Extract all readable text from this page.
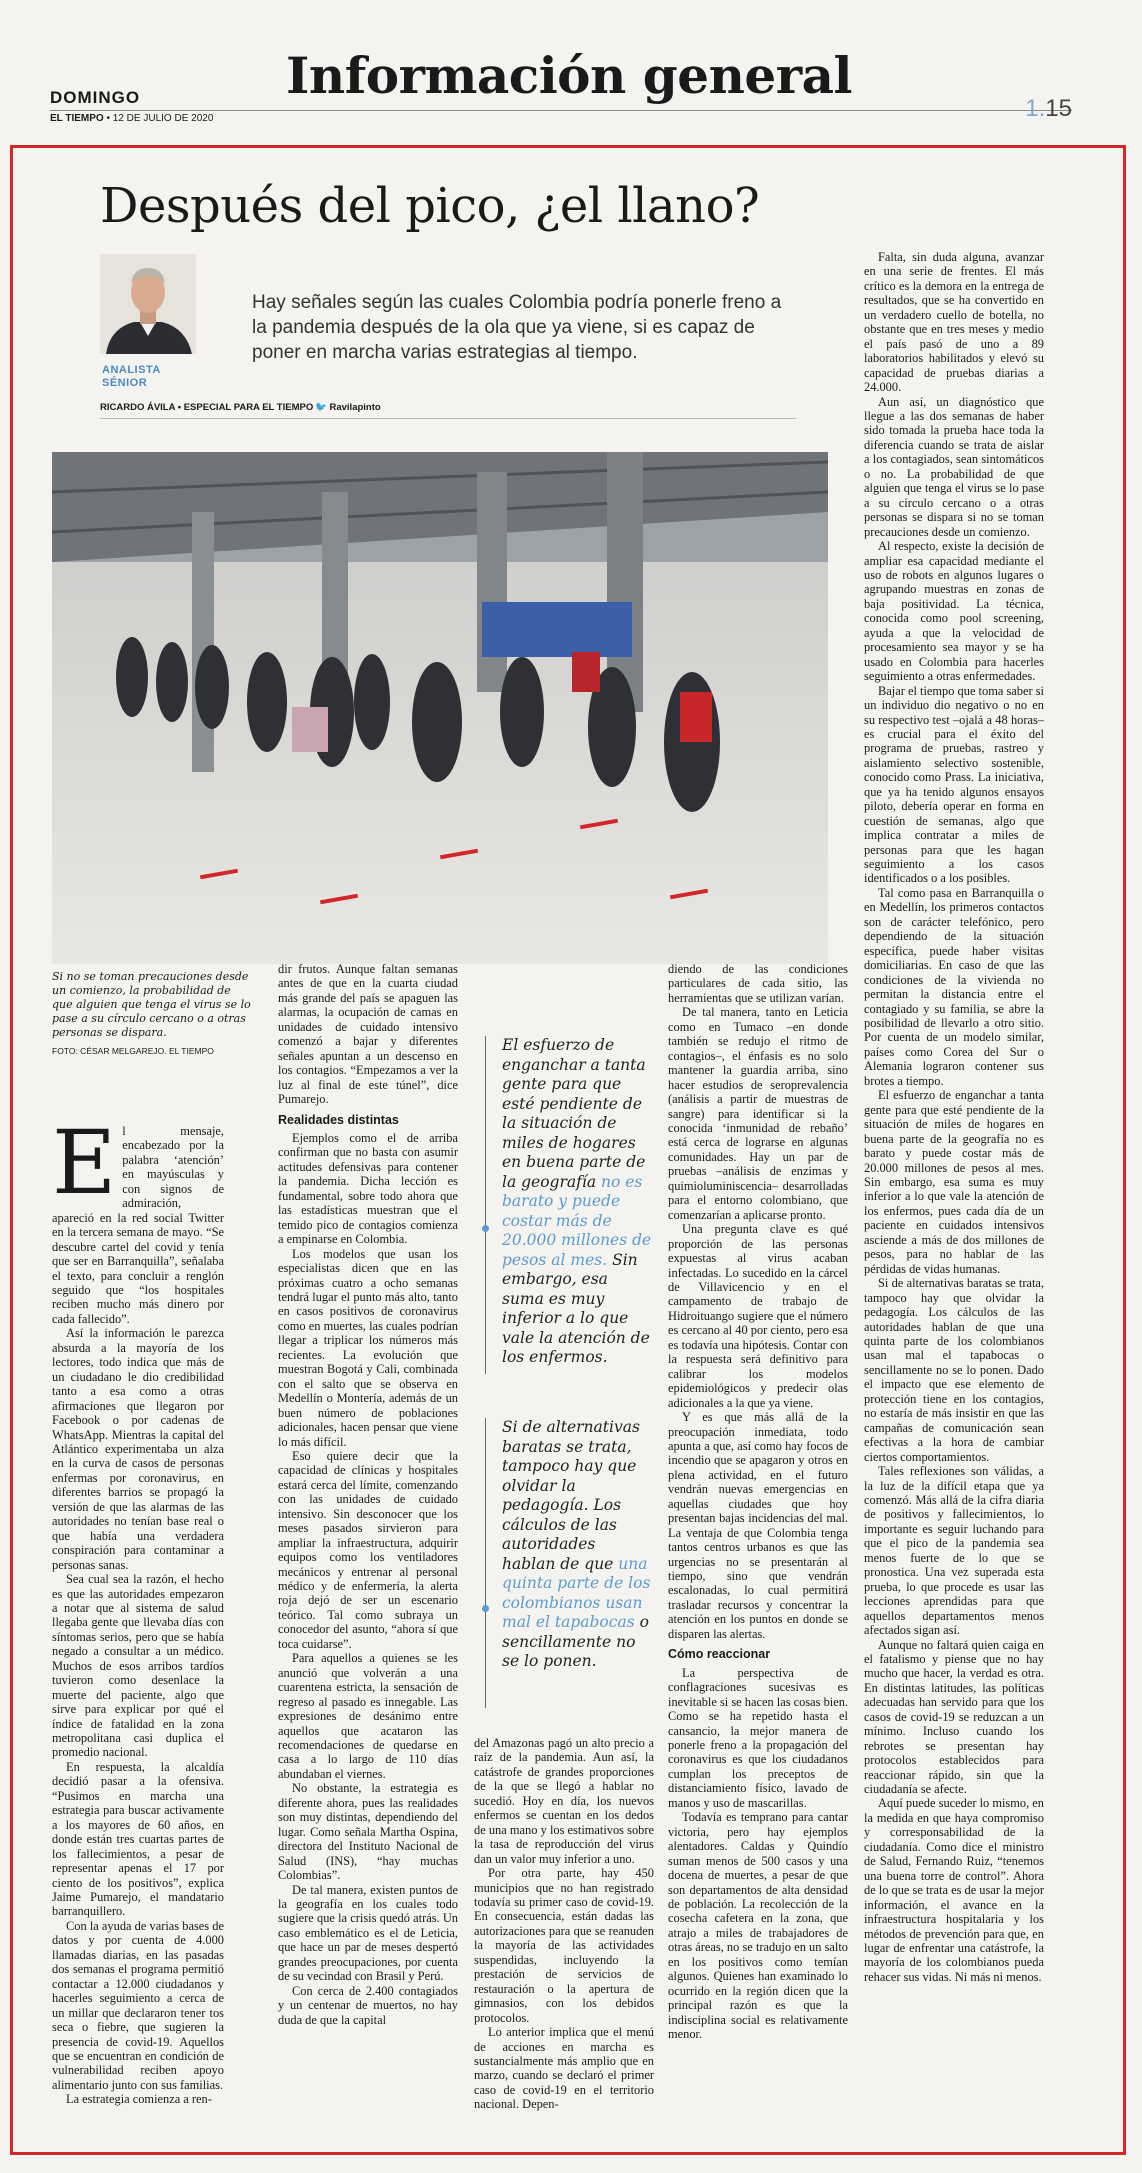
Información general
DOMINGO
EL TIEMPO • 12 DE JULIO DE 2020	1.15
Después del pico, ¿el llano?
ANALISTA SÉNIOR
Hay señales según las cuales Colombia podría ponerle freno a la pandemia después de la ola que ya viene, si es capaz de poner en marcha varias estrategias al tiempo.
RICARDO ÁVILA • ESPECIAL PARA EL TIEMPO 🐦 Ravilapinto
Si no se toman precauciones desde un comienzo, la probabilidad de que alguien que tenga el virus se lo pase a su círculo cercano o a otras personas se dispara.
FOTO: CÉSAR MELGAREJO. EL TIEMPO
E l mensaje, encabezado por la palabra ‘atención’ en mayúsculas y con signos de admiración, apareció en la red social Twitter en la tercera semana de mayo. “Se descubre cartel del covid y tenía que ser en Barranquilla”, señalaba el texto, para concluir a renglón seguido que “los hospitales reciben mucho más dinero por cada fallecido”.

Así la información le parezca absurda a la mayoría de los lectores, todo indica que más de un ciudadano le dio credibilidad tanto a esa como a otras afirmaciones que llegaron por Facebook o por cadenas de WhatsApp. Mientras la capital del Atlántico experimentaba un alza en la curva de casos de personas enfermas por coronavirus, en diferentes barrios se propagó la versión de que las alarmas de las autoridades no tenían base real o que había una verdadera conspiración para contaminar a personas sanas.

Sea cual sea la razón, el hecho es que las autoridades empezaron a notar que al sistema de salud llegaba gente que llevaba días con síntomas serios, pero que se había negado a consultar a un médico. Muchos de esos arribos tardíos tuvieron como desenlace la muerte del paciente, algo que sirve para explicar por qué el índice de fatalidad en la zona metropolitana casi duplica el promedio nacional.

En respuesta, la alcaldía decidió pasar a la ofensiva. “Pusimos en marcha una estrategia para buscar activamente a los mayores de 60 años, en donde están tres cuartas partes de los fallecimientos, a pesar de representar apenas el 17 por ciento de los positivos”, explica Jaime Pumarejo, el mandatario barranquillero.

Con la ayuda de varias bases de datos y por cuenta de 4.000 llamadas diarias, en las pasadas dos semanas el programa permitió contactar a 12.000 ciudadanos y hacerles seguimiento a cerca de un millar que declararon tener tos seca o fiebre, que sugieren la presencia de covid-19. Aquellos que se encuentran en condición de vulnerabilidad reciben apoyo alimentario junto con sus familias.

La estrategia comienza a ren-

dir frutos. Aunque faltan semanas antes de que en la cuarta ciudad más grande del país se apaguen las alarmas, la ocupación de camas en unidades de cuidado intensivo comenzó a bajar y diferentes señales apuntan a un descenso en los contagios. “Empezamos a ver la luz al final de este túnel”, dice Pumarejo.

Realidades distintas

Ejemplos como el de arriba confirman que no basta con asumir actitudes defensivas para contener la pandemia. Dicha lección es fundamental, sobre todo ahora que las estadísticas muestran que el temido pico de contagios comienza a empinarse en Colombia.

Los modelos que usan los especialistas dicen que en las próximas cuatro a ocho semanas tendrá lugar el punto más alto, tanto en casos positivos de coronavirus como en muertes, las cuales podrían llegar a triplicar los números más recientes. La evolución que muestran Bogotá y Cali, combinada con el salto que se observa en Medellín o Montería, además de un buen número de poblaciones adicionales, hacen pensar que viene lo más difícil.

Eso quiere decir que la capacidad de clínicas y hospitales estará cerca del límite, comenzando con las unidades de cuidado intensivo. Sin desconocer que los meses pasados sirvieron para ampliar la infraestructura, adquirir equipos como los ventiladores mecánicos y entrenar al personal médico y de enfermería, la alerta roja dejó de ser un escenario teórico. Tal como subraya un conocedor del asunto, “ahora sí que toca cuidarse”.

Para aquellos a quienes se les anunció que volverán a una cuarentena estricta, la sensación de regreso al pasado es innegable. Las expresiones de desánimo entre aquellos que acataron las recomendaciones de quedarse en casa a lo largo de 110 días abundaban el viernes.

No obstante, la estrategia es diferente ahora, pues las realidades son muy distintas, dependiendo del lugar. Como señala Martha Ospina, directora del Instituto Nacional de Salud (INS), “hay muchas Colombias”.

De tal manera, existen puntos de la geografía en los cuales todo sugiere que la crisis quedó atrás. Un caso emblemático es el de Leticia, que hace un par de meses despertó grandes preocupaciones, por cuenta de su vecindad con Brasil y Perú.

Con cerca de 2.400 contagiados y un centenar de muertos, no hay duda de que la capital

El esfuerzo de enganchar a tanta gente para que esté pendiente de la situación de miles de hogares en buena parte de la geografía no es barato y puede costar más de 20.000 millones de pesos al mes. Sin embargo, esa suma es muy inferior a lo que vale la atención de los enfermos.
Si de alternativas baratas se trata, tampoco hay que olvidar la pedagogía. Los cálculos de las autoridades hablan de que una quinta parte de los colombianos usan mal el tapabocas o sencillamente no se lo ponen.

del Amazonas pagó un alto precio a raíz de la pandemia. Aun así, la catástrofe de grandes proporciones de la que se llegó a hablar no sucedió. Hoy en día, los nuevos enfermos se cuentan en los dedos de una mano y los estimativos sobre la tasa de reproducción del virus dan un valor muy inferior a uno.

Por otra parte, hay 450 municipios que no han registrado todavía su primer caso de covid-19. En consecuencia, están dadas las autorizaciones para que se reanuden la mayoría de las actividades suspendidas, incluyendo la prestación de servicios de restauración o la apertura de gimnasios, con los debidos protocolos.

Lo anterior implica que el menú de acciones en marcha es sustancialmente más amplio que en marzo, cuando se declaró el primer caso de covid-19 en el territorio nacional. Depen-

diendo de las condiciones particulares de cada sitio, las herramientas que se utilizan varían.

De tal manera, tanto en Leticia como en Tumaco –en donde también se redujo el ritmo de contagios–, el énfasis es no solo mantener la guardia arriba, sino hacer estudios de seroprevalencia (análisis a partir de muestras de sangre) para identificar si la conocida ‘inmunidad de rebaño’ está cerca de lograrse en algunas comunidades. Hay un par de pruebas –análisis de enzimas y quimioluminiscencia– desarrolladas para el entorno colombiano, que comenzarían a aplicarse pronto.

Una pregunta clave es qué proporción de las personas expuestas al virus acaban infectadas. Lo sucedido en la cárcel de Villavicencio y en el campamento de trabajo de Hidroituango sugiere que el número es cercano al 40 por ciento, pero esa es todavía una hipótesis. Contar con la respuesta será definitivo para calibrar los modelos epidemiológicos y predecir olas adicionales a la que ya viene.

Y es que más allá de la preocupación inmediata, todo apunta a que, así como hay focos de incendio que se apagaron y otros en plena actividad, en el futuro vendrán nuevas emergencias en aquellas ciudades que hoy presentan bajas incidencias del mal. La ventaja de que Colombia tenga tantos centros urbanos es que las urgencias no se presentarán al tiempo, sino que vendrán escalonadas, lo cual permitirá trasladar recursos y concentrar la atención en los puntos en donde se disparen las alertas.

Cómo reaccionar

La perspectiva de conflagraciones sucesivas es inevitable si se hacen las cosas bien. Como se ha repetido hasta el cansancio, la mejor manera de ponerle freno a la propagación del coronavirus es que los ciudadanos cumplan los preceptos de distanciamiento físico, lavado de manos y uso de mascarillas.

Todavía es temprano para cantar victoria, pero hay ejemplos alentadores. Caldas y Quindío suman menos de 500 casos y una docena de muertes, a pesar de que son departamentos de alta densidad de población. La recolección de la cosecha cafetera en la zona, que atrajo a miles de trabajadores de otras áreas, no se tradujo en un salto en los positivos como temían algunos. Quienes han examinado lo ocurrido en la región dicen que la principal razón es que la indisciplina social es relativamente menor.

Falta, sin duda alguna, avanzar en una serie de frentes. El más crítico es la demora en la entrega de resultados, que se ha convertido en un verdadero cuello de botella, no obstante que en tres meses y medio el país pasó de uno a 89 laboratorios habilitados y elevó su capacidad de pruebas diarias a 24.000.

Aun así, un diagnóstico que llegue a las dos semanas de haber sido tomada la prueba hace toda la diferencia cuando se trata de aislar a los contagiados, sean sintomáticos o no. La probabilidad de que alguien que tenga el virus se lo pase a su círculo cercano o a otras personas se dispara si no se toman precauciones desde un comienzo.

Al respecto, existe la decisión de ampliar esa capacidad mediante el uso de robots en algunos lugares o agrupando muestras en zonas de baja positividad. La técnica, conocida como pool screening, ayuda a que la velocidad de procesamiento sea mayor y se ha usado en Colombia para hacerles seguimiento a otras enfermedades.

Bajar el tiempo que toma saber si un individuo dio negativo o no en su respectivo test –ojalá a 48 horas– es crucial para el éxito del programa de pruebas, rastreo y aislamiento selectivo sostenible, conocido como Prass. La iniciativa, que ya ha tenido algunos ensayos piloto, debería operar en forma en cuestión de semanas, algo que implica contratar a miles de personas para que les hagan seguimiento a los casos identificados o a los posibles.

Tal como pasa en Barranquilla o en Medellín, los primeros contactos son de carácter telefónico, pero dependiendo de la situación específica, puede haber visitas domiciliarias. En caso de que las condiciones de la vivienda no permitan la distancia entre el contagiado y su familia, se abre la posibilidad de llevarlo a otro sitio. Por cuenta de un modelo similar, países como Corea del Sur o Alemania lograron contener sus brotes a tiempo.

El esfuerzo de enganchar a tanta gente para que esté pendiente de la situación de miles de hogares en buena parte de la geografía no es barato y puede costar más de 20.000 millones de pesos al mes. Sin embargo, esa suma es muy inferior a lo que vale la atención de los enfermos, pues cada día de un paciente en cuidados intensivos asciende a más de dos millones de pesos, para no hablar de las pérdidas de vidas humanas.

Si de alternativas baratas se trata, tampoco hay que olvidar la pedagogía. Los cálculos de las autoridades hablan de que una quinta parte de los colombianos usan mal el tapabocas o sencillamente no se lo ponen. Dado el impacto que ese elemento de protección tiene en los contagios, no estaría de más insistir en que las campañas de comunicación sean efectivas a la hora de cambiar ciertos comportamientos.

Tales reflexiones son válidas, a la luz de la difícil etapa que ya comenzó. Más allá de la cifra diaria de positivos y fallecimientos, lo importante es seguir luchando para que el pico de la pandemia sea menos fuerte de lo que se pronostica. Una vez superada esta prueba, lo que procede es usar las lecciones aprendidas para que aquellos departamentos menos afectados sigan así.

Aunque no faltará quien caiga en el fatalismo y piense que no hay mucho que hacer, la verdad es otra. En distintas latitudes, las políticas adecuadas han servido para que los casos de covid-19 se reduzcan a un mínimo. Incluso cuando los rebrotes se presentan hay protocolos establecidos para reaccionar rápido, sin que la ciudadanía se afecte.

Aquí puede suceder lo mismo, en la medida en que haya compromiso y corresponsabilidad de la ciudadanía. Como dice el ministro de Salud, Fernando Ruiz, “tenemos una buena torre de control”. Ahora de lo que se trata es de usar la mejor información, el avance en la infraestructura hospitalaria y los métodos de prevención para que, en lugar de enfrentar una catástrofe, la mayoría de los colombianos pueda rehacer sus vidas. Ni más ni menos.
